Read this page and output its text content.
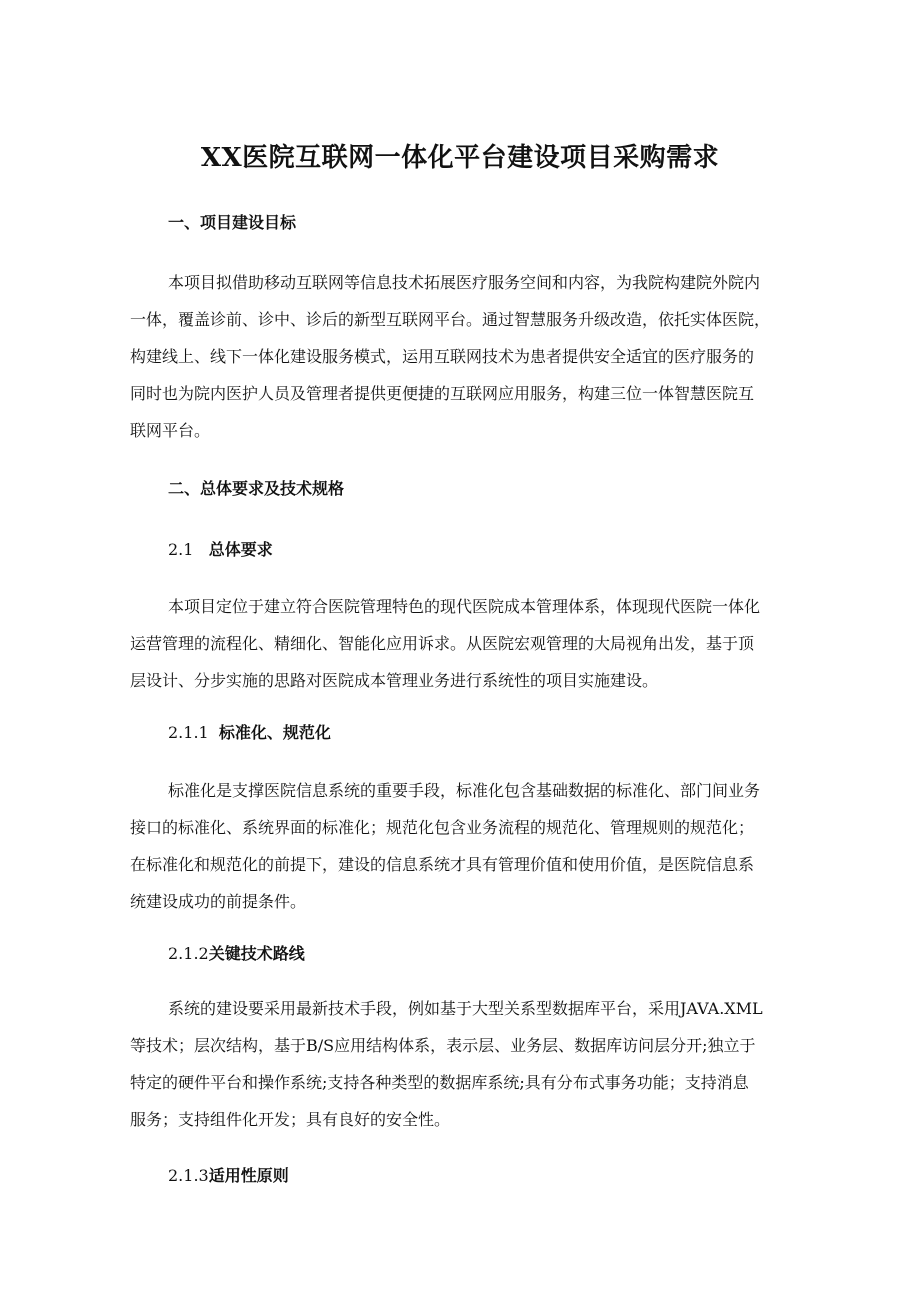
XX医院互联网一体化平台建设项目采购需求
一、项目建设目标
本项目拟借助移动互联网等信息技术拓展医疗服务空间和内容，为我院构建院外院内
一体，覆盖诊前、诊中、诊后的新型互联网平台。通过智慧服务升级改造，依托实体医院，
构建线上、线下一体化建设服务模式，运用互联网技术为患者提供安全适宜的医疗服务的
同时也为院内医护人员及管理者提供更便捷的互联网应用服务，构建三位一体智慧医院互
联网平台。
二、总体要求及技术规格
2.1 总体要求
本项目定位于建立符合医院管理特色的现代医院成本管理体系，体现现代医院一体化
运营管理的流程化、精细化、智能化应用诉求。从医院宏观管理的大局视角出发，基于顶
层设计、分步实施的思路对医院成本管理业务进行系统性的项目实施建设。
2.1.1 标准化、规范化
标准化是支撑医院信息系统的重要手段，标准化包含基础数据的标准化、部门间业务
接口的标准化、系统界面的标准化；规范化包含业务流程的规范化、管理规则的规范化；
在标准化和规范化的前提下，建设的信息系统才具有管理价值和使用价值，是医院信息系
统建设成功的前提条件。
2.1.2关键技术路线
系统的建设要采用最新技术手段，例如基于大型关系型数据库平台，采用JAVA.XML
等技术；层次结构，基于B/S应用结构体系，表示层、业务层、数据库访问层分开;独立于
特定的硬件平台和操作系统;支持各种类型的数据库系统;具有分布式事务功能；支持消息
服务；支持组件化开发；具有良好的安全性。
2.1.3适用性原则
